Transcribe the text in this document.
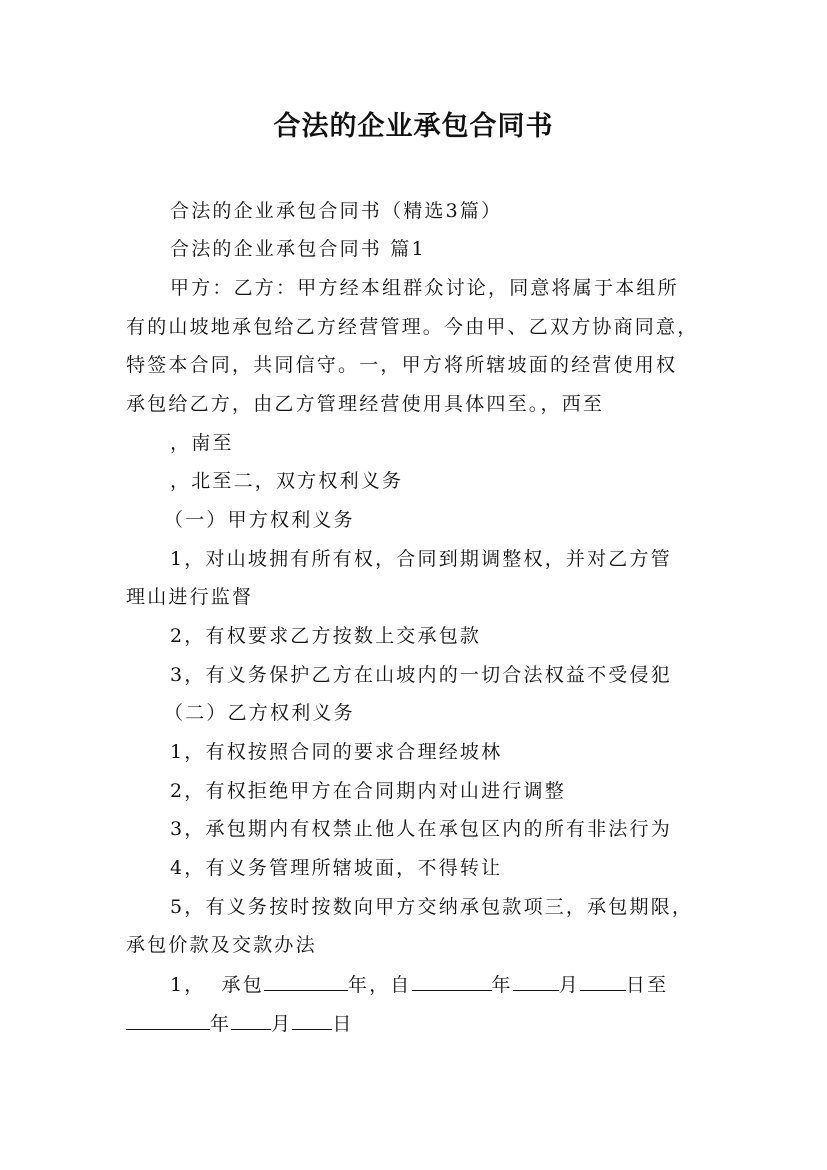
合法的企业承包合同书
合法的企业承包合同书（精选3篇）
合法的企业承包合同书 篇1
甲方：乙方：甲方经本组群众讨论，同意将属于本组所
有的山坡地承包给乙方经营管理。今由甲、乙双方协商同意，
特签本合同，共同信守。一，甲方将所辖坡面的经营使用权
承包给乙方，由乙方管理经营使用具体四至。，西至
，南至
，北至二，双方权利义务
（一）甲方权利义务
1，对山坡拥有所有权，合同到期调整权，并对乙方管
理山进行监督
2，有权要求乙方按数上交承包款
3，有义务保护乙方在山坡内的一切合法权益不受侵犯
（二）乙方权利义务
1，有权按照合同的要求合理经坡林
2，有权拒绝甲方在合同期内对山进行调整
3，承包期内有权禁止他人在承包区内的所有非法行为
4，有义务管理所辖坡面，不得转让
5，有义务按时按数向甲方交纳承包款项三，承包期限，
承包价款及交款办法
1， 承包	年，自	年 月 日至
年 月 日
